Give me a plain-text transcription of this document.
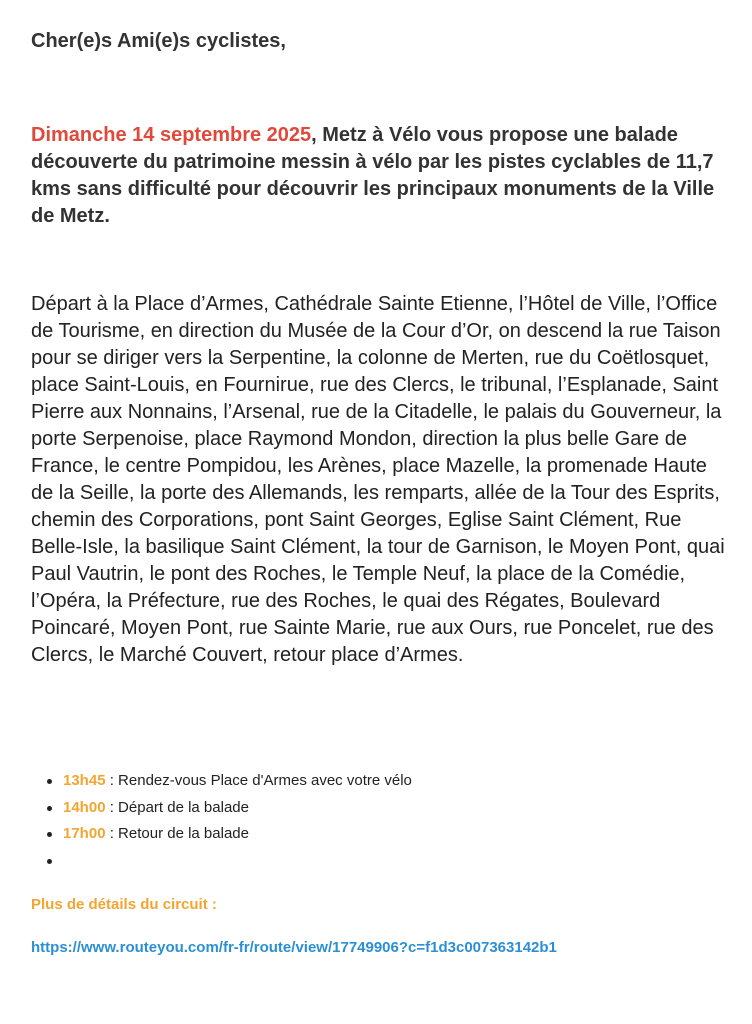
Cher(e)s Ami(e)s cyclistes,

Dimanche 14 septembre 2025, Metz à Vélo vous propose une balade découverte du patrimoine messin à vélo par les pistes cyclables de 11,7 kms sans difficulté pour découvrir les principaux monuments de la Ville de Metz.

Départ à la Place d’Armes, Cathédrale Sainte Etienne, l’Hôtel de Ville, l’Office de Tourisme, en direction du Musée de la Cour d’Or, on descend la rue Taison pour se diriger vers la Serpentine, la colonne de Merten, rue du Coëtlosquet, place Saint-Louis, en Fournirue, rue des Clercs, le tribunal, l’Esplanade, Saint Pierre aux Nonnains, l’Arsenal, rue de la Citadelle, le palais du Gouverneur, la porte Serpenoise, place Raymond Mondon, direction la plus belle Gare de France, le centre Pompidou, les Arènes, place Mazelle, la promenade Haute de la Seille, la porte des Allemands, les remparts, allée de la Tour des Esprits, chemin des Corporations, pont Saint Georges, Eglise Saint Clément, Rue Belle-Isle, la basilique Saint Clément, la tour de Garnison, le Moyen Pont, quai Paul Vautrin, le pont des Roches, le Temple Neuf, la place de la Comédie, l’Opéra, la Préfecture, rue des Roches, le quai des Régates, Boulevard Poincaré, Moyen Pont, rue Sainte Marie, rue aux Ours, rue Poncelet, rue des Clercs, le Marché Couvert, retour place d’Armes.

13h45 : Rendez-vous Place d'Armes avec votre vélo
14h00 : Départ de la balade
17h00 : Retour de la balade

Plus de détails du circuit :

https://www.routeyou.com/fr-fr/route/view/17749906?c=f1d3c007363142b1
